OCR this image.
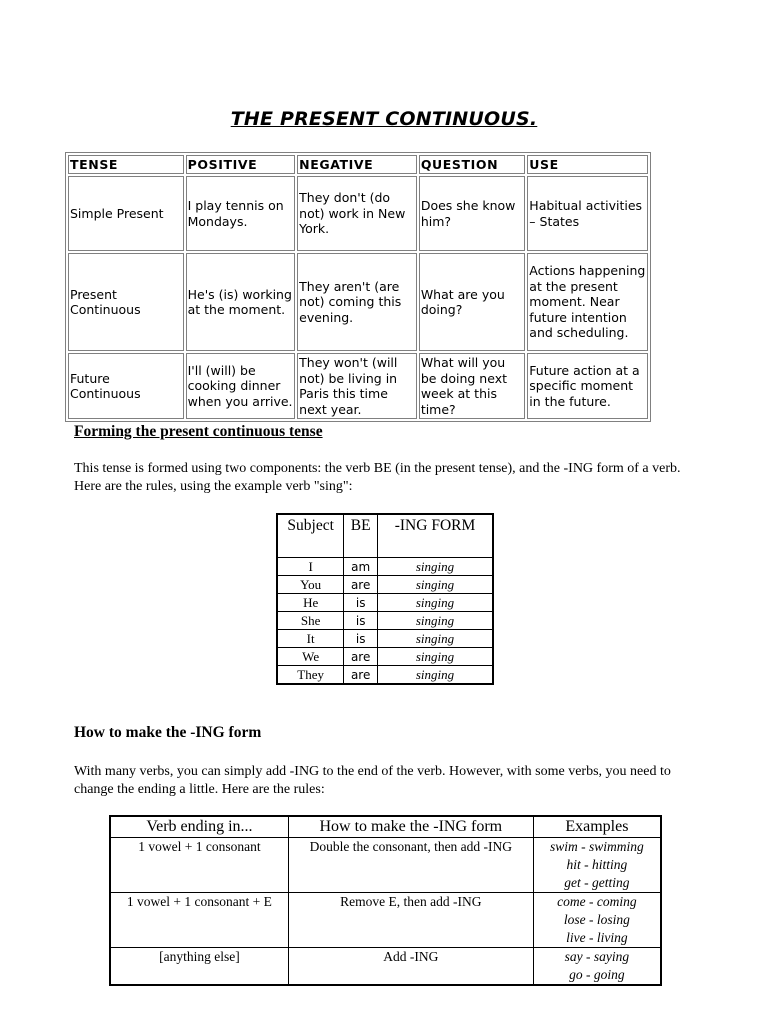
THE PRESENT CONTINUOUS.
TENSE	POSITIVE	NEGATIVE	QUESTION	USE
Simple Present	I play tennis on Mondays.	They don't (do not) work in New York.	Does she know him?	Habitual activities – States
Present Continuous	He's (is) working at the moment.	They aren't (are not) coming this evening.	What are you doing?	Actions happening at the present moment. Near future intention and scheduling.
Future Continuous	I'll (will) be cooking dinner when you arrive.	They won't (will not) be living in Paris this time next year.	What will you be doing next week at this time?	Future action at a specific moment in the future.
Forming the present continuous tense
This tense is formed using two components: the verb BE (in the present tense), and the -ING form of a verb. Here are the rules, using the example verb "sing":
Subject	BE	-ING FORM
I	am	singing
You	are	singing
He	is	singing
She	is	singing
It	is	singing
We	are	singing
They	are	singing
How to make the -ING form
With many verbs, you can simply add -ING to the end of the verb. However, with some verbs, you need to change the ending a little. Here are the rules:
Verb ending in...	How to make the -ING form	Examples
1 vowel + 1 consonant	Double the consonant, then add -ING	swim - swimming
hit - hitting
get - getting

1 vowel + 1 consonant + E	Remove E, then add -ING	come - coming
lose - losing
live - living

[anything else]	Add -ING	say - saying
go - going
